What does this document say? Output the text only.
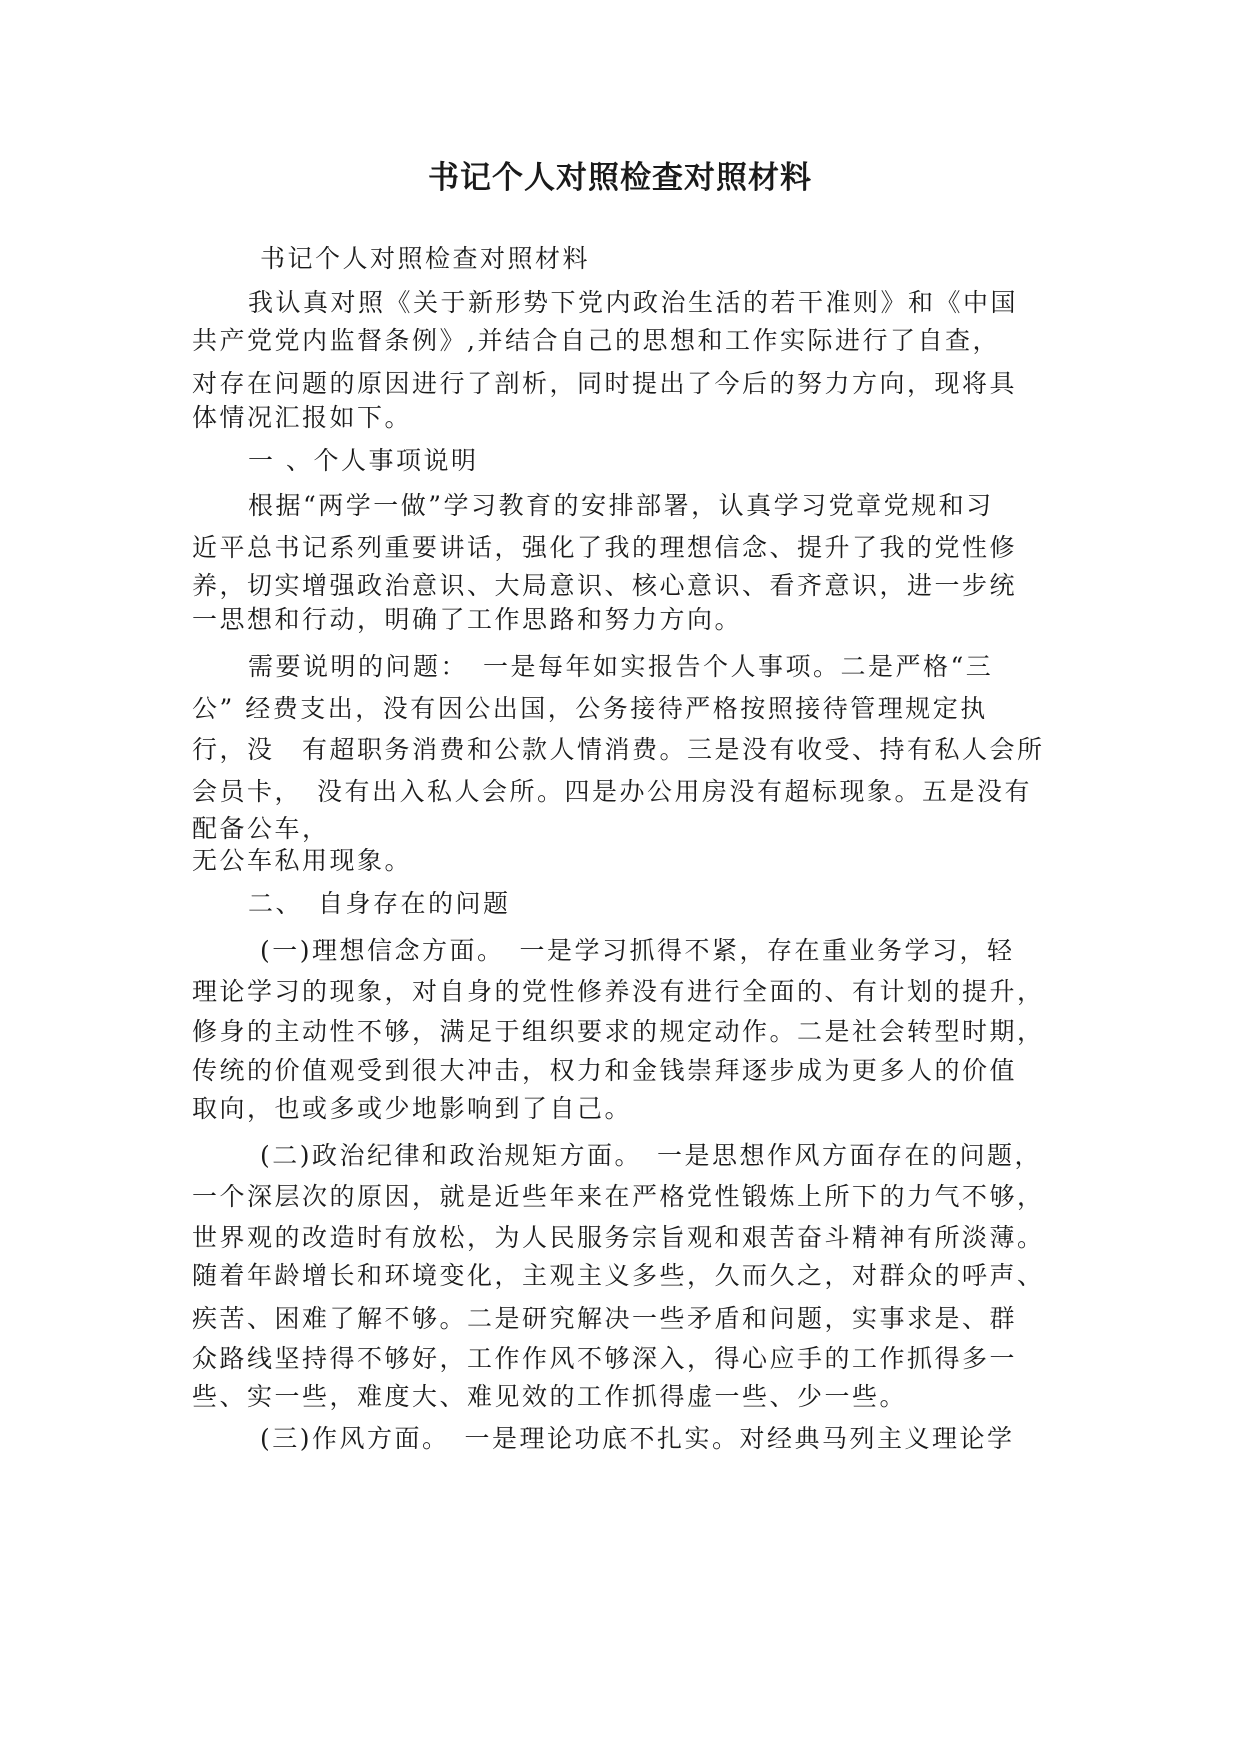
书记个人对照检查对照材料

书记个人对照检查对照材料

我认真对照《关于新形势下党内政治生活的若干准则》和《中国

共产党党内监督条例》,并结合自己的思想和工作实际进行了自查，

对存在问题的原因进行了剖析，同时提出了今后的努力方向，现将具

体情况汇报如下。

一 、个人事项说明

根据“两学一做”学习教育的安排部署，认真学习党章党规和习

近平总书记系列重要讲话，强化了我的理想信念、提升了我的党性修

养，切实增强政治意识、大局意识、核心意识、看齐意识，进一步统

一思想和行动，明确了工作思路和努力方向。

需要说明的问题：　一是每年如实报告个人事项。二是严格“三

公” 经费支出，没有因公出国，公务接待严格按照接待管理规定执

行，没　有超职务消费和公款人情消费。三是没有收受、持有私人会所

会员卡，　没有出入私人会所。四是办公用房没有超标现象。五是没有

配备公车，

无公车私用现象。

二、　自身存在的问题

(一)理想信念方面。　一是学习抓得不紧，存在重业务学习，轻

理论学习的现象，对自身的党性修养没有进行全面的、有计划的提升，

修身的主动性不够，满足于组织要求的规定动作。二是社会转型时期，

传统的价值观受到很大冲击，权力和金钱崇拜逐步成为更多人的价值

取向，也或多或少地影响到了自己。

(二)政治纪律和政治规矩方面。　一是思想作风方面存在的问题，

一个深层次的原因，就是近些年来在严格党性锻炼上所下的力气不够，

世界观的改造时有放松，为人民服务宗旨观和艰苦奋斗精神有所淡薄。

随着年龄增长和环境变化，主观主义多些，久而久之，对群众的呼声、

疾苦、困难了解不够。二是研究解决一些矛盾和问题，实事求是、群

众路线坚持得不够好，工作作风不够深入，得心应手的工作抓得多一

些、实一些，难度大、难见效的工作抓得虚一些、少一些。

(三)作风方面。　一是理论功底不扎实。对经典马列主义理论学
